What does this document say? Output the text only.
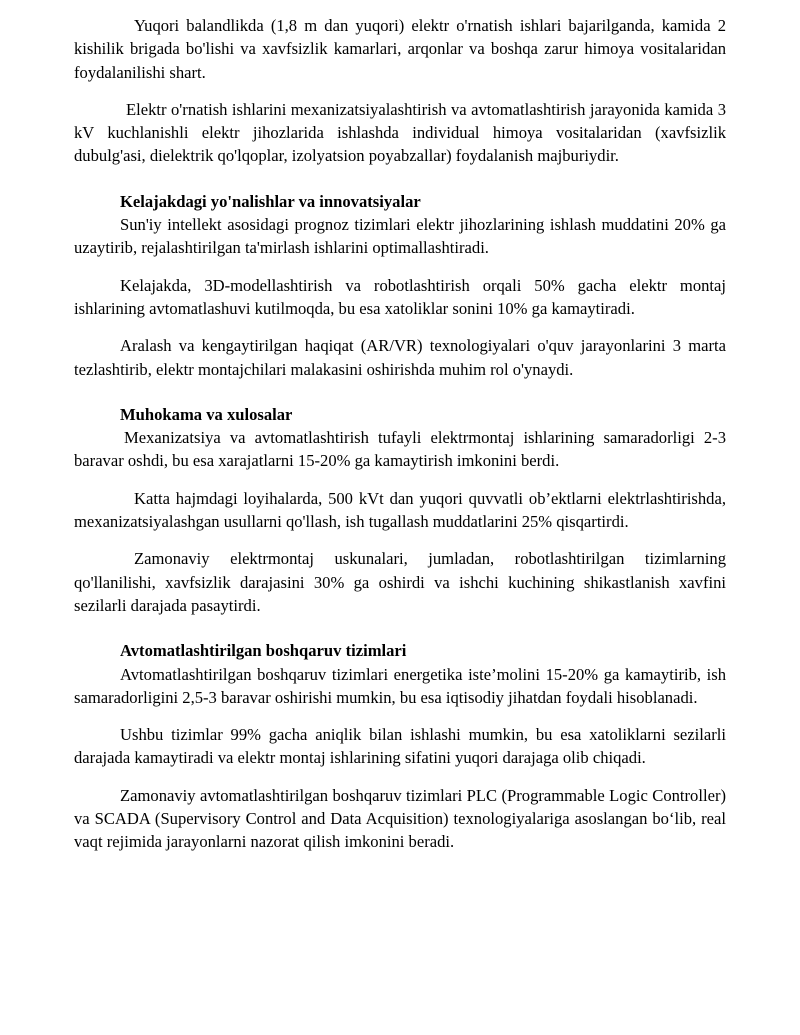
Yuqori balandlikda (1,8 m dan yuqori) elektr o'rnatish ishlari bajarilganda, kamida 2 kishilik brigada bo'lishi va xavfsizlik kamarlari, arqonlar va boshqa zarur himoya vositalaridan foydalanilishi shart.

Elektr o'rnatish ishlarini mexanizatsiyalashtirish va avtomatlashtirish jarayonida kamida 3 kV kuchlanishli elektr jihozlarida ishlashda individual himoya vositalaridan (xavfsizlik dubulg'asi, dielektrik qo'lqoplar, izolyatsion poyabzallar) foydalanish majburiydir.

Kelajakdagi yo'nalishlar va innovatsiyalar

Sun'iy intellekt asosidagi prognoz tizimlari elektr jihozlarining ishlash muddatini 20% ga uzaytirib, rejalashtirilgan ta'mirlash ishlarini optimallashtiradi.

Kelajakda, 3D-modellashtirish va robotlashtirish orqali 50% gacha elektr montaj ishlarining avtomatlashuvi kutilmoqda, bu esa xatoliklar sonini 10% ga kamaytiradi.

Aralash va kengaytirilgan haqiqat (AR/VR) texnologiyalari o'quv jarayonlarini 3 marta tezlashtirib, elektr montajchilari malakasini oshirishda muhim rol o'ynaydi.

Muhokama va xulosalar

Mexanizatsiya va avtomatlashtirish tufayli elektrmontaj ishlarining samaradorligi 2-3 baravar oshdi, bu esa xarajatlarni 15-20% ga kamaytirish imkonini berdi.

Katta hajmdagi loyihalarda, 500 kVt dan yuqori quvvatli ob’ektlarni elektrlashtirishda, mexanizatsiyalashgan usullarni qo'llash, ish tugallash muddatlarini 25% qisqartirdi.

Zamonaviy elektrmontaj uskunalari, jumladan, robotlashtirilgan tizimlarning qo'llanilishi, xavfsizlik darajasini 30% ga oshirdi va ishchi kuchining shikastlanish xavfini sezilarli darajada pasaytirdi.

Avtomatlashtirilgan boshqaruv tizimlari

Avtomatlashtirilgan boshqaruv tizimlari energetika iste’molini 15-20% ga kamaytirib, ish samaradorligini 2,5-3 baravar oshirishi mumkin, bu esa iqtisodiy jihatdan foydali hisoblanadi.

Ushbu tizimlar 99% gacha aniqlik bilan ishlashi mumkin, bu esa xatoliklarni sezilarli darajada kamaytiradi va elektr montaj ishlarining sifatini yuqori darajaga olib chiqadi.

Zamonaviy avtomatlashtirilgan boshqaruv tizimlari PLC (Programmable Logic Controller) va SCADA (Supervisory Control and Data Acquisition) texnologiyalariga asoslangan bo‘lib, real vaqt rejimida jarayonlarni nazorat qilish imkonini beradi.
